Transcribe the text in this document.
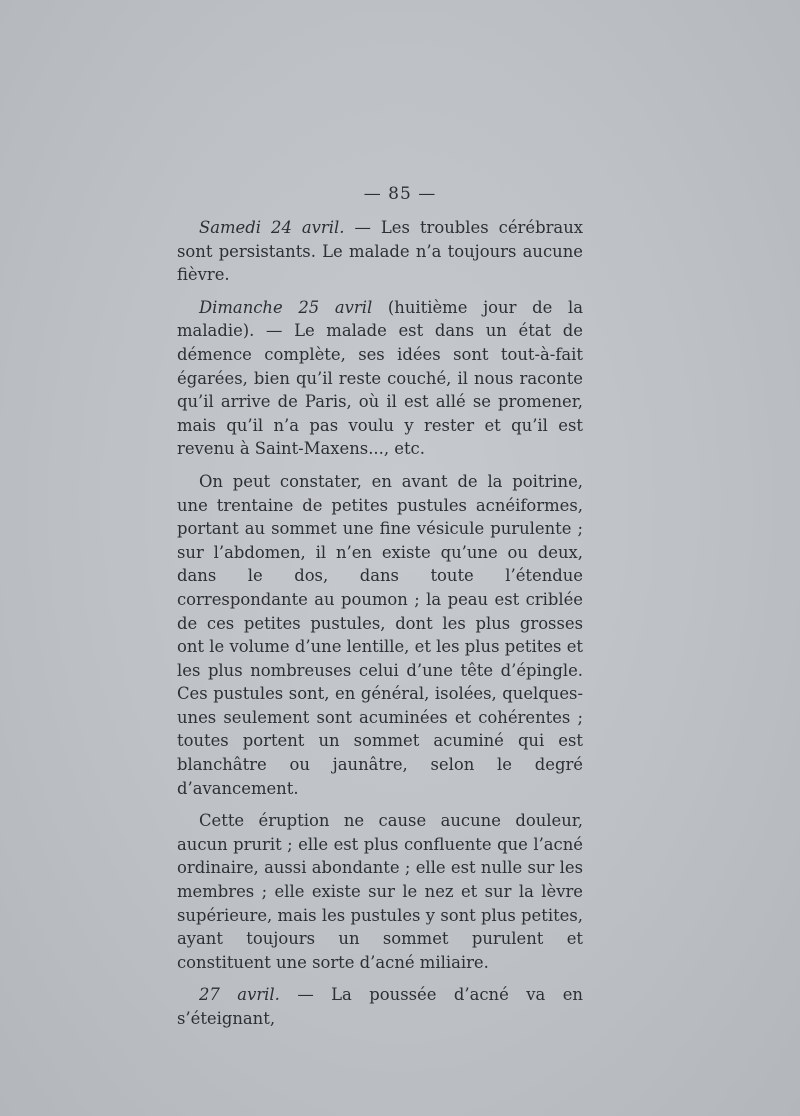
— 85 —

Samedi 24 avril. — Les troubles cérébraux sont persistants. Le malade n’a toujours aucune fièvre.

Dimanche 25 avril (huitième jour de la maladie). — Le malade est dans un état de démence complète, ses idées sont tout-à-fait égarées, bien qu’il reste couché, il nous raconte qu’il arrive de Paris, où il est allé se promener, mais qu’il n’a pas voulu y rester et qu’il est revenu à Saint-Maxens..., etc.

On peut constater, en avant de la poitrine, une trentaine de petites pustules acnéiformes, portant au sommet une fine vésicule purulente ; sur l’abdomen, il n’en existe qu’une ou deux, dans le dos, dans toute l’étendue correspondante au poumon ; la peau est criblée de ces petites pustules, dont les plus grosses ont le volume d’une lentille, et les plus petites et les plus nombreuses celui d’une tête d’épingle. Ces pustules sont, en général, isolées, quelques-unes seulement sont acuminées et cohérentes ; toutes portent un sommet acuminé qui est blanchâtre ou jaunâtre, selon le degré d’avancement.

Cette éruption ne cause aucune douleur, aucun prurit ; elle est plus confluente que l’acné ordinaire, aussi abondante ; elle est nulle sur les membres ; elle existe sur le nez et sur la lèvre supérieure, mais les pustules y sont plus petites, ayant toujours un sommet purulent et constituent une sorte d’acné miliaire.

27 avril. — La poussée d’acné va en s’éteignant,
